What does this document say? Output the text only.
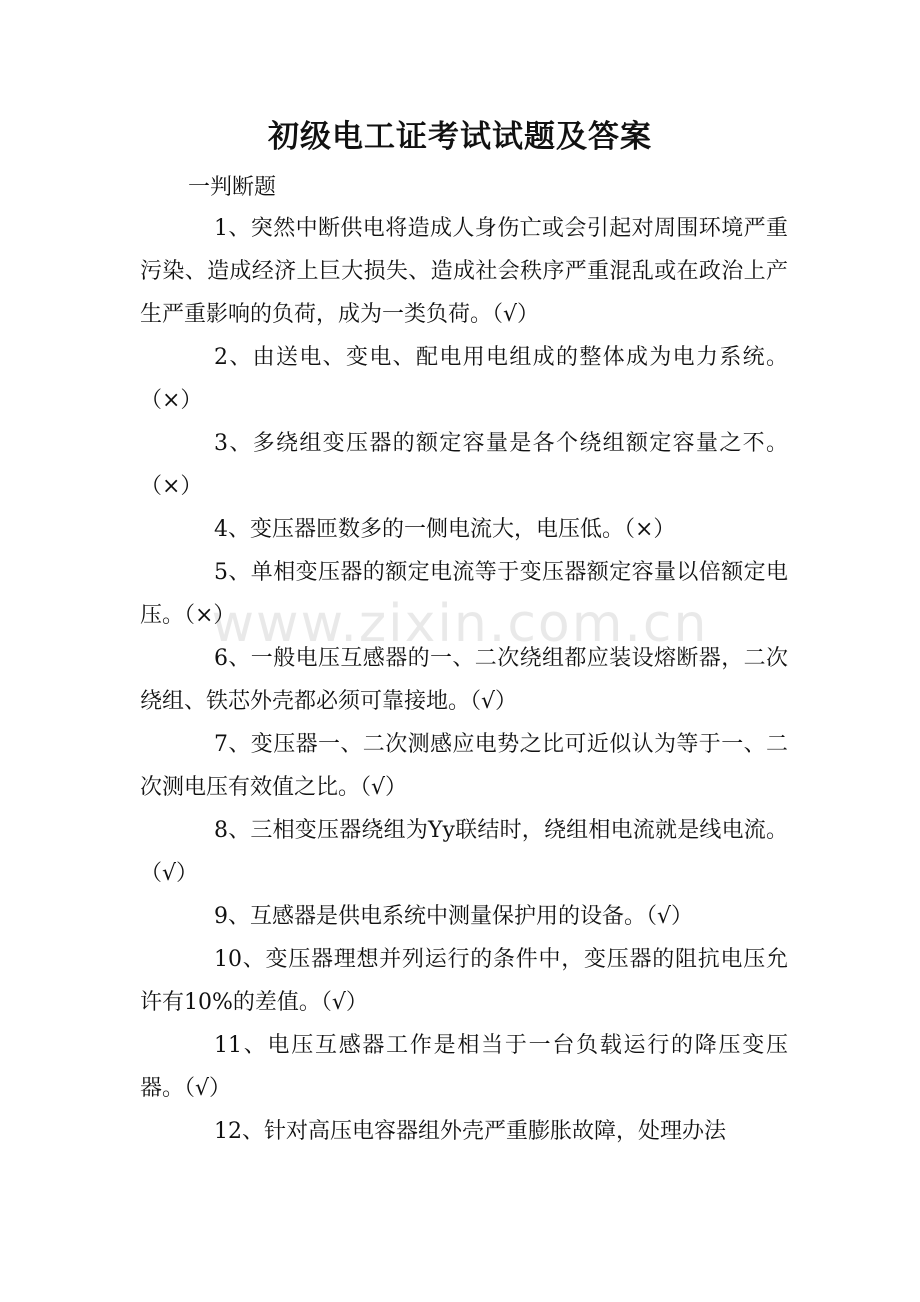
初级电工证考试试题及答案
一判断题

1、突然中断供电将造成人身伤亡或会引起对周围环境严重污染、造成经济上巨大损失、造成社会秩序严重混乱或在政治上产生严重影响的负荷，成为一类负荷。（√）

2、由送电、变电、配电用电组成的整体成为电力系统。（×）

3、多绕组变压器的额定容量是各个绕组额定容量之不。（×）

4、变压器匝数多的一侧电流大，电压低。（×）

5、单相变压器的额定电流等于变压器额定容量以倍额定电压。（×）

6、一般电压互感器的一、二次绕组都应装设熔断器，二次绕组、铁芯外壳都必须可靠接地。（√）

7、变压器一、二次测感应电势之比可近似认为等于一、二次测电压有效值之比。（√）

8、三相变压器绕组为Yy联结时，绕组相电流就是线电流。（√）

9、互感器是供电系统中测量保护用的设备。（√）

10、变压器理想并列运行的条件中，变压器的阻抗电压允许有10%的差值。（√）

11、电压互感器工作是相当于一台负载运行的降压变压器。（√）

12、针对高压电容器组外壳严重膨胀故障，处理办法

www.zixin.com.cn
